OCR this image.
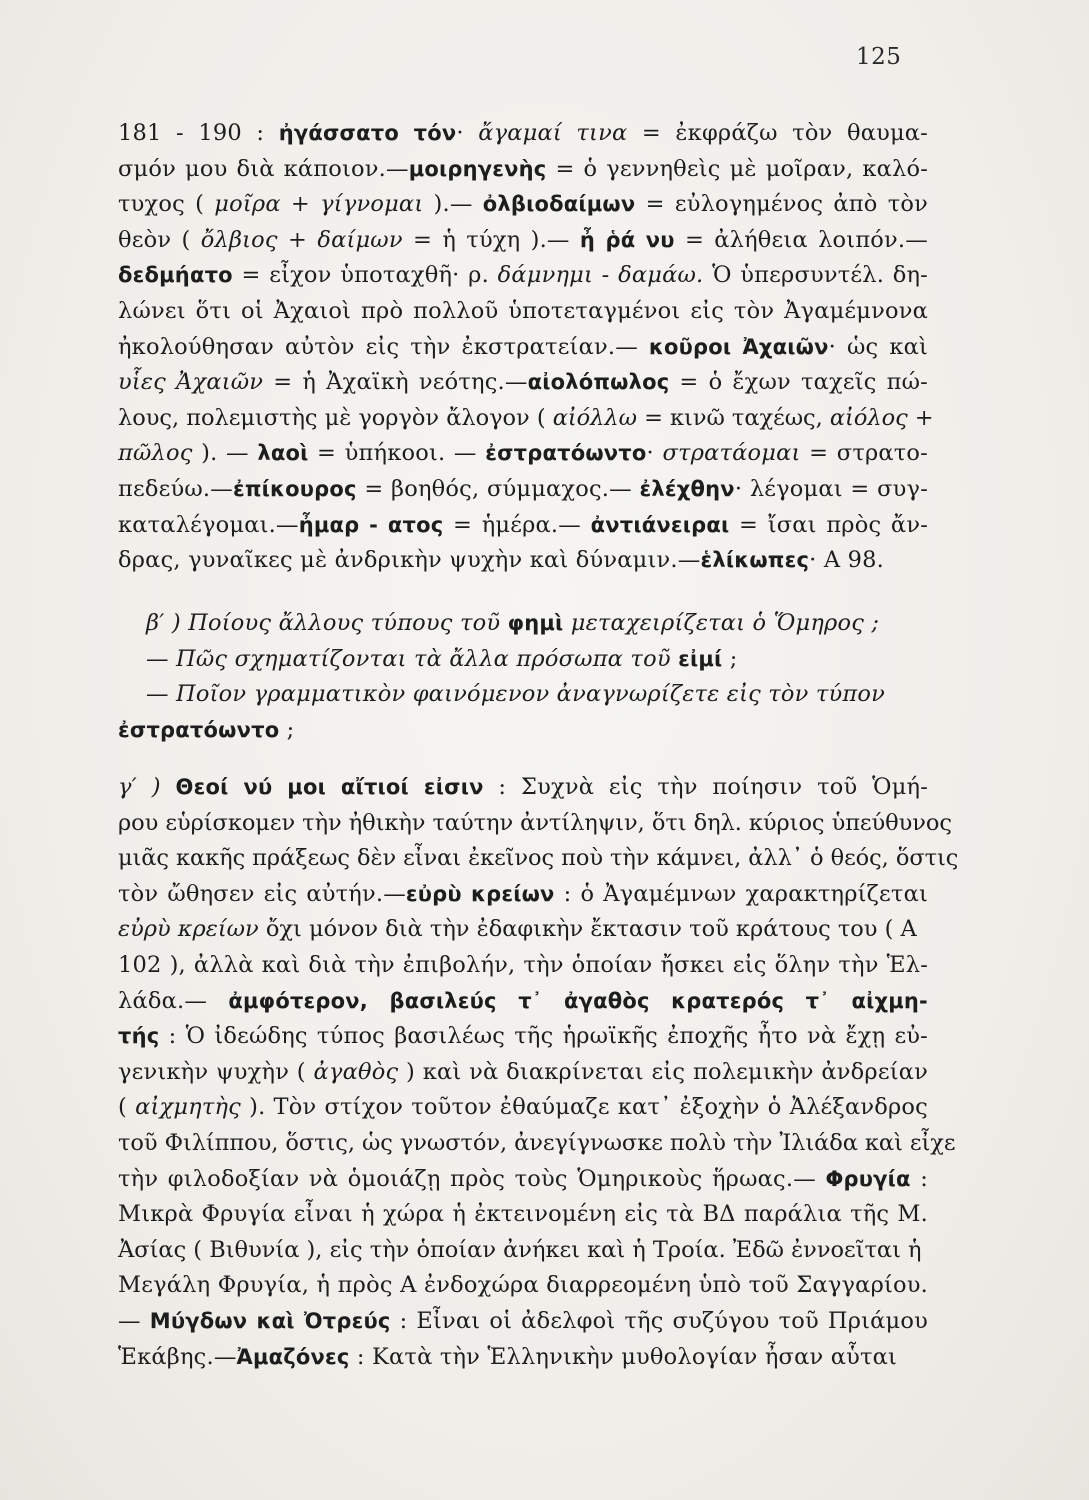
125
181 - 190 : ἠγάσσατο τόν· ἄγαμαί τινα = ἐκφράζω τὸν θαυμα-
σμόν μου διὰ κάποιον.—μοιρηγενὴς = ὁ γεννηθεὶς μὲ μοῖραν, καλό-
τυχος ( μοῖρα + γίγνομαι ).— ὀλβιοδαίμων = εὐλογημένος ἀπὸ τὸν
θεὸν ( ὄλβιος + δαίμων = ἡ τύχη ).— ἦ ῥά νυ = ἀλήθεια λοιπόν.—
δεδμήατο = εἶχον ὑποταχθῆ· ρ. δάμνημι - δαμάω. Ὁ ὑπερσυντέλ. δη-
λώνει ὅτι οἱ Ἀχαιοὶ πρὸ πολλοῦ ὑποτεταγμένοι εἰς τὸν Ἀγαμέμνονα
ἠκολούθησαν αὐτὸν εἰς τὴν ἐκστρατείαν.— κοῦροι Ἀχαιῶν· ὡς καὶ
υἷες Ἀχαιῶν = ἡ Ἀχαϊκὴ νεότης.—αἰολόπωλος = ὁ ἔχων ταχεῖς πώ-
λους, πολεμιστὴς μὲ γοργὸν ἄλογον ( αἰόλλω = κινῶ ταχέως, αἰόλος +
πῶλος ). — λαοὶ = ὑπήκοοι. — ἐστρατόωντο· στρατάομαι = στρατο-
πεδεύω.—ἐπίκουρος = βοηθός, σύμμαχος.— ἐλέχθην· λέγομαι = συγ-
καταλέγομαι.—ἦμαρ - ατος = ἡμέρα.— ἀντιάνειραι = ἴσαι πρὸς ἄν-
δρας, γυναῖκες μὲ ἀνδρικὴν ψυχὴν καὶ δύναμιν.—ἑλίκωπες· Α 98.
β′ ) Ποίους ἄλλους τύπους τοῦ φημὶ μεταχειρίζεται ὁ Ὅμηρος ;
— Πῶς σχηματίζονται τὰ ἄλλα πρόσωπα τοῦ εἰμί ;
— Ποῖον γραμματικὸν φαινόμενον ἀναγνωρίζετε εἰς τὸν τύπον
ἐστρατόωντο ;
γ′ ) Θεοί νύ μοι αἴτιοί εἰσιν : Συχνὰ εἰς τὴν ποίησιν τοῦ Ὁμή-
ρου εὑρίσκομεν τὴν ἠθικὴν ταύτην ἀντίληψιν, ὅτι δηλ. κύριος ὑπεύθυνος
μιᾶς κακῆς πράξεως δὲν εἶναι ἐκεῖνος ποὺ τὴν κάμνει, ἀλλ᾿ ὁ θεός, ὅστις
τὸν ὤθησεν εἰς αὐτήν.—εὐρὺ κρείων : ὁ Ἀγαμέμνων χαρακτηρίζεται
εὐρὺ κρείων ὄχι μόνον διὰ τὴν ἐδαφικὴν ἔκτασιν τοῦ κράτους του ( Α
102 ), ἀλλὰ καὶ διὰ τὴν ἐπιβολήν, τὴν ὁποίαν ἤσκει εἰς ὅλην τὴν Ἑλ-
λάδα.— ἀμφότερον, βασιλεύς τ᾿ ἀγαθὸς κρατερός τ᾿ αἰχμη-
τής : Ὁ ἰδεώδης τύπος βασιλέως τῆς ἡρωϊκῆς ἐποχῆς ἦτο νὰ ἔχῃ εὐ-
γενικὴν ψυχὴν ( ἀγαθὸς ) καὶ νὰ διακρίνεται εἰς πολεμικὴν ἀνδρείαν
( αἰχμητὴς ). Τὸν στίχον τοῦτον ἐθαύμαζε κατ᾿ ἐξοχὴν ὁ Ἀλέξανδρος
τοῦ Φιλίππου, ὅστις, ὡς γνωστόν, ἀνεγίγνωσκε πολὺ τὴν Ἰλιάδα καὶ εἶχε
τὴν φιλοδοξίαν νὰ ὁμοιάζῃ πρὸς τοὺς Ὁμηρικοὺς ἥρωας.— Φρυγία :
Μικρὰ Φρυγία εἶναι ἡ χώρα ἡ ἐκτεινομένη εἰς τὰ ΒΔ παράλια τῆς Μ.
Ἀσίας ( Βιθυνία ), εἰς τὴν ὁποίαν ἀνήκει καὶ ἡ Τροία. Ἐδῶ ἐννοεῖται ἡ
Μεγάλη Φρυγία, ἡ πρὸς Α ἐνδοχώρα διαρρεομένη ὑπὸ τοῦ Σαγγαρίου.
— Μύγδων καὶ Ὀτρεύς : Εἶναι οἱ ἀδελφοὶ τῆς συζύγου τοῦ Πριάμου
Ἑκάβης.—Ἀμαζόνες : Κατὰ τὴν Ἑλληνικὴν μυθολογίαν ἦσαν αὗται
